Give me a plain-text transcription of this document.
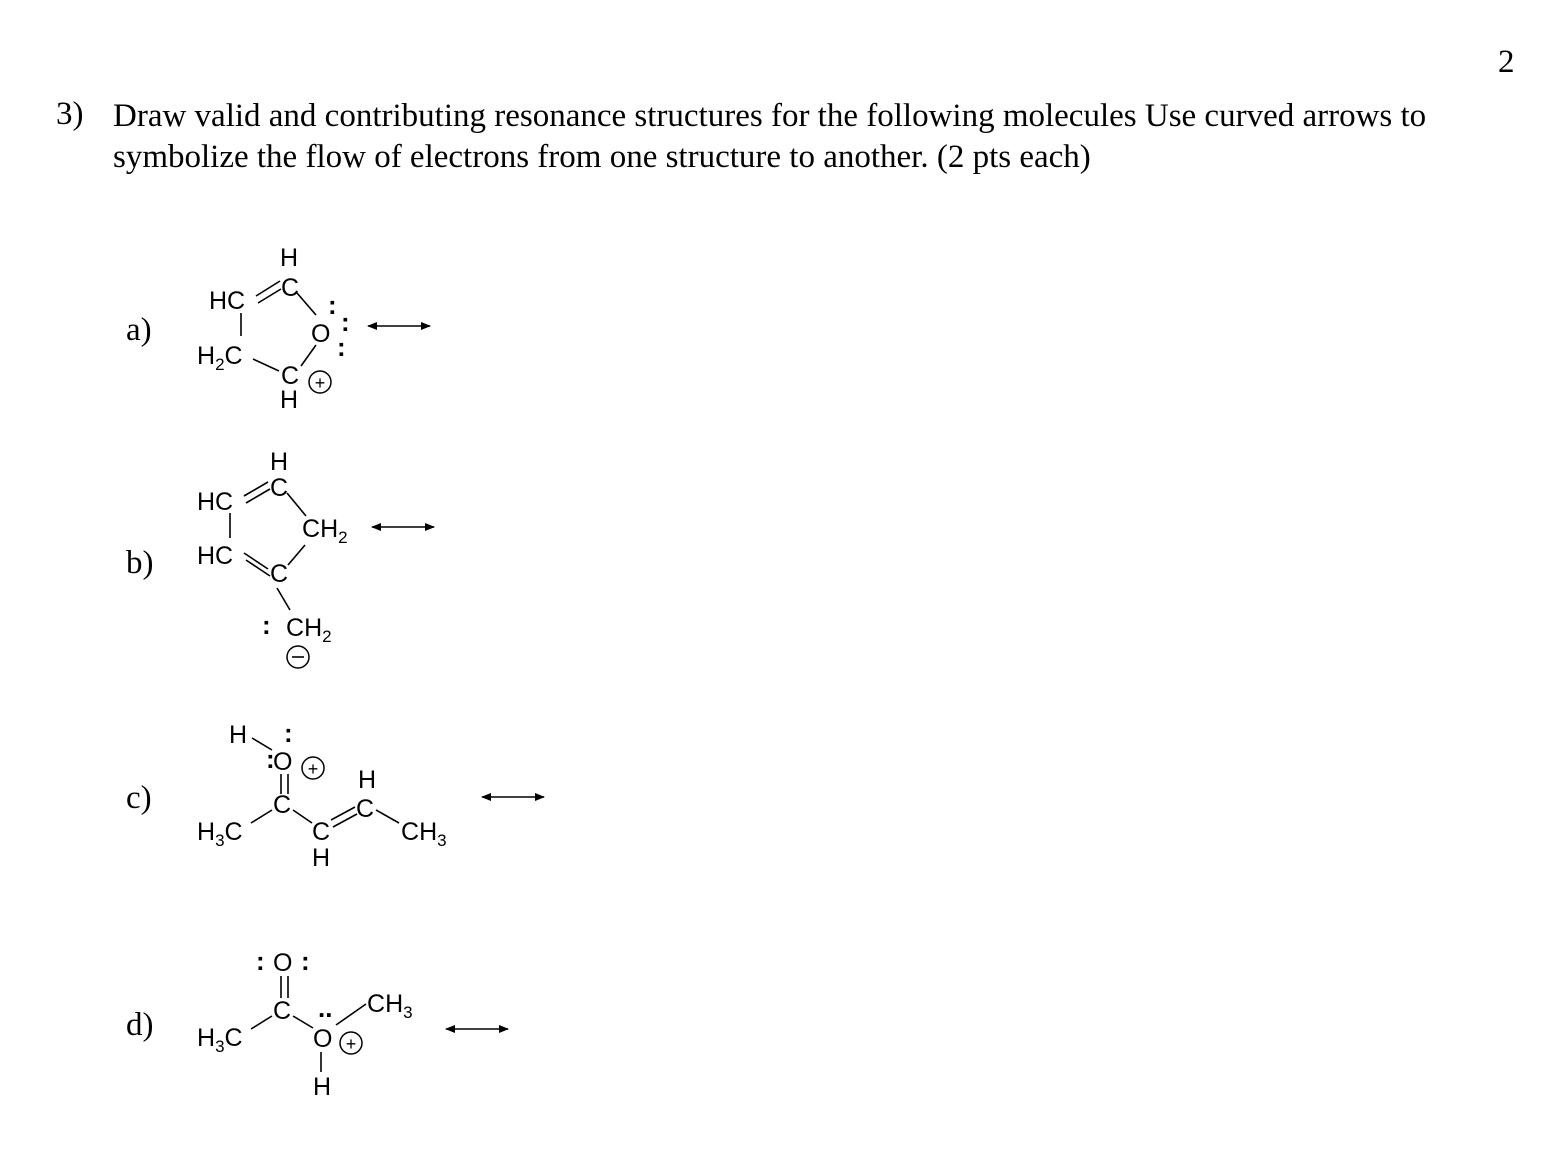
2
3) Draw valid and contributing resonance structures for the following molecules Use curved arrows to symbolize the flow of electrons from one structure to another. (2 pts each)
a)
b)
c)
d)
H
C
HC
O
$H_2C$
C
H
:
:
:
+
H
C
HC
$CH_2$
HC
C
$CH_2$
:
H
O
H
C	C
$H_3C$	C	$CH_3$
H
:
: +
O
C	$CH_3$
$H_3C$	O
H
: :
..
+
